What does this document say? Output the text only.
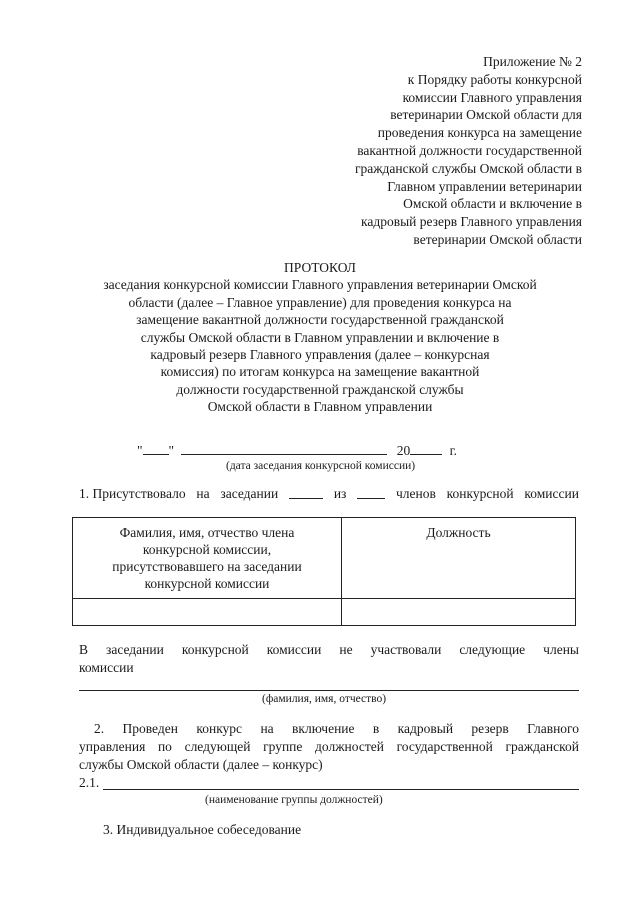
Приложение № 2
к Порядку работы конкурсной
комиссии Главного управления
ветеринарии Омской области для
проведения конкурса на замещение
вакантной должности государственной
гражданской службы Омской области в
Главном управлении ветеринарии
Омской области и включение в
кадровый резерв Главного управления
ветеринарии Омской области
ПРОТОКОЛ
заседания конкурсной комиссии Главного управления ветеринарии Омской
области (далее – Главное управление) для проведения конкурса на
замещение вакантной должности государственной гражданской
службы Омской области в Главном управлении и включение в
кадровый резерв Главного управления (далее – конкурсная
комиссия) по итогам конкурса на замещение вакантной
должности государственной гражданской службы
Омской области в Главном управлении
" "	20	г.
(дата заседания конкурсной комиссии)
1. Присутствовало на заседании	из	членов конкурсной комиссии
Фамилия, имя, отчество члена
конкурсной комиссии,
присутствовавшего на заседании
конкурсной комиссии	Должность

В заседании конкурсной комиссии не участвовали следующие члены
комиссии
(фамилия, имя, отчество)
2. Проведен конкурс на включение в кадровый резерв Главного
управления по следующей группе должностей государственной гражданской
службы Омской области (далее – конкурс)
2.1.
(наименование группы должностей)
3. Индивидуальное собеседование
